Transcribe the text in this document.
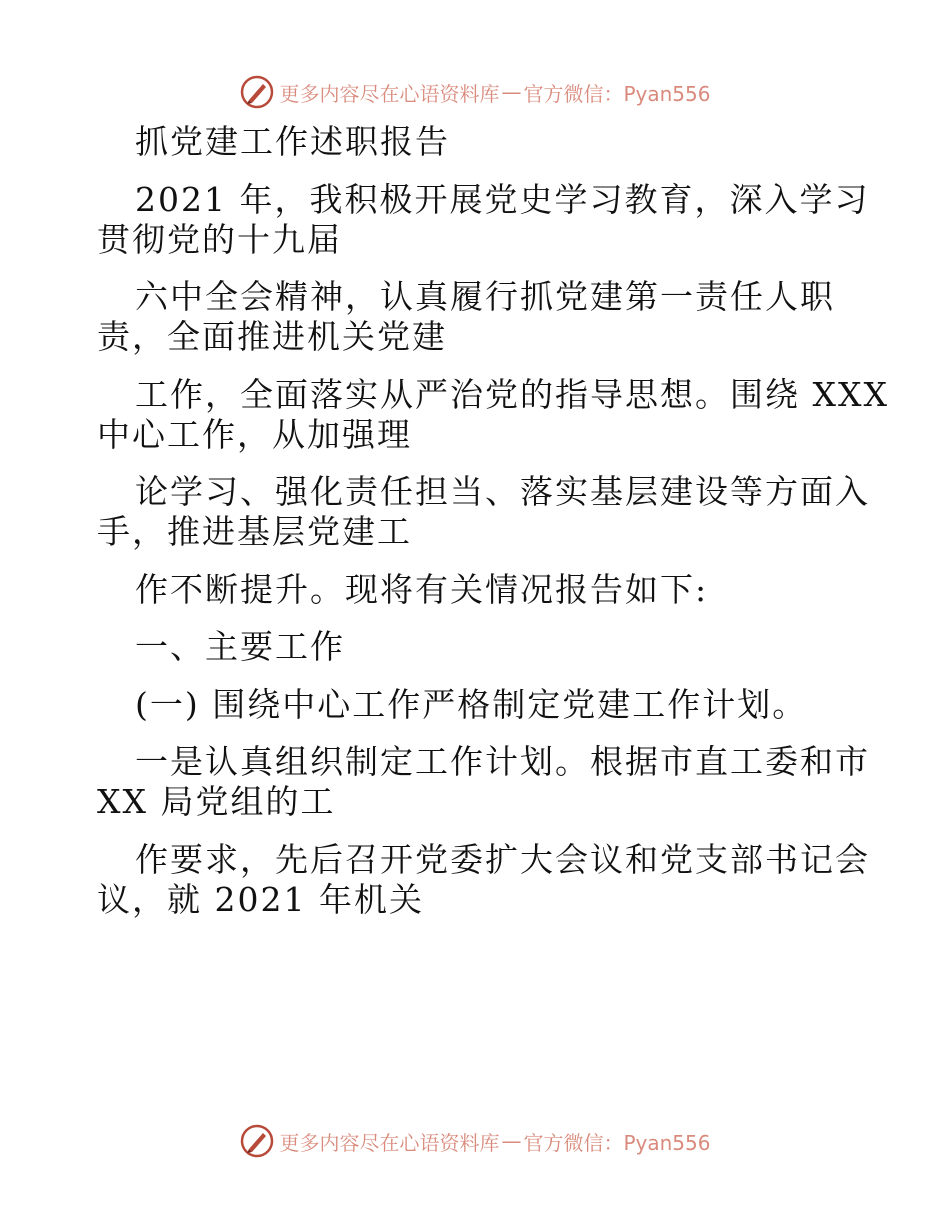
更多内容尽在心语资料库 — 官方微信：Pyan556

抓党建工作述职报告

2021 年，我积极开展党史学习教育，深入学习

贯彻党的十九届

六中全会精神，认真履行抓党建第一责任人职

责，全面推进机关党建

工作，全面落实从严治党的指导思想。围绕 XXX

中心工作，从加强理

论学习、强化责任担当、落实基层建设等方面入

手，推进基层党建工

作不断提升。现将有关情况报告如下:

一、主要工作

(一) 围绕中心工作严格制定党建工作计划。

一是认真组织制定工作计划。根据市直工委和市

XX 局党组的工

作要求，先后召开党委扩大会议和党支部书记会

议，就 2021 年机关

更多内容尽在心语资料库 — 官方微信：Pyan556
